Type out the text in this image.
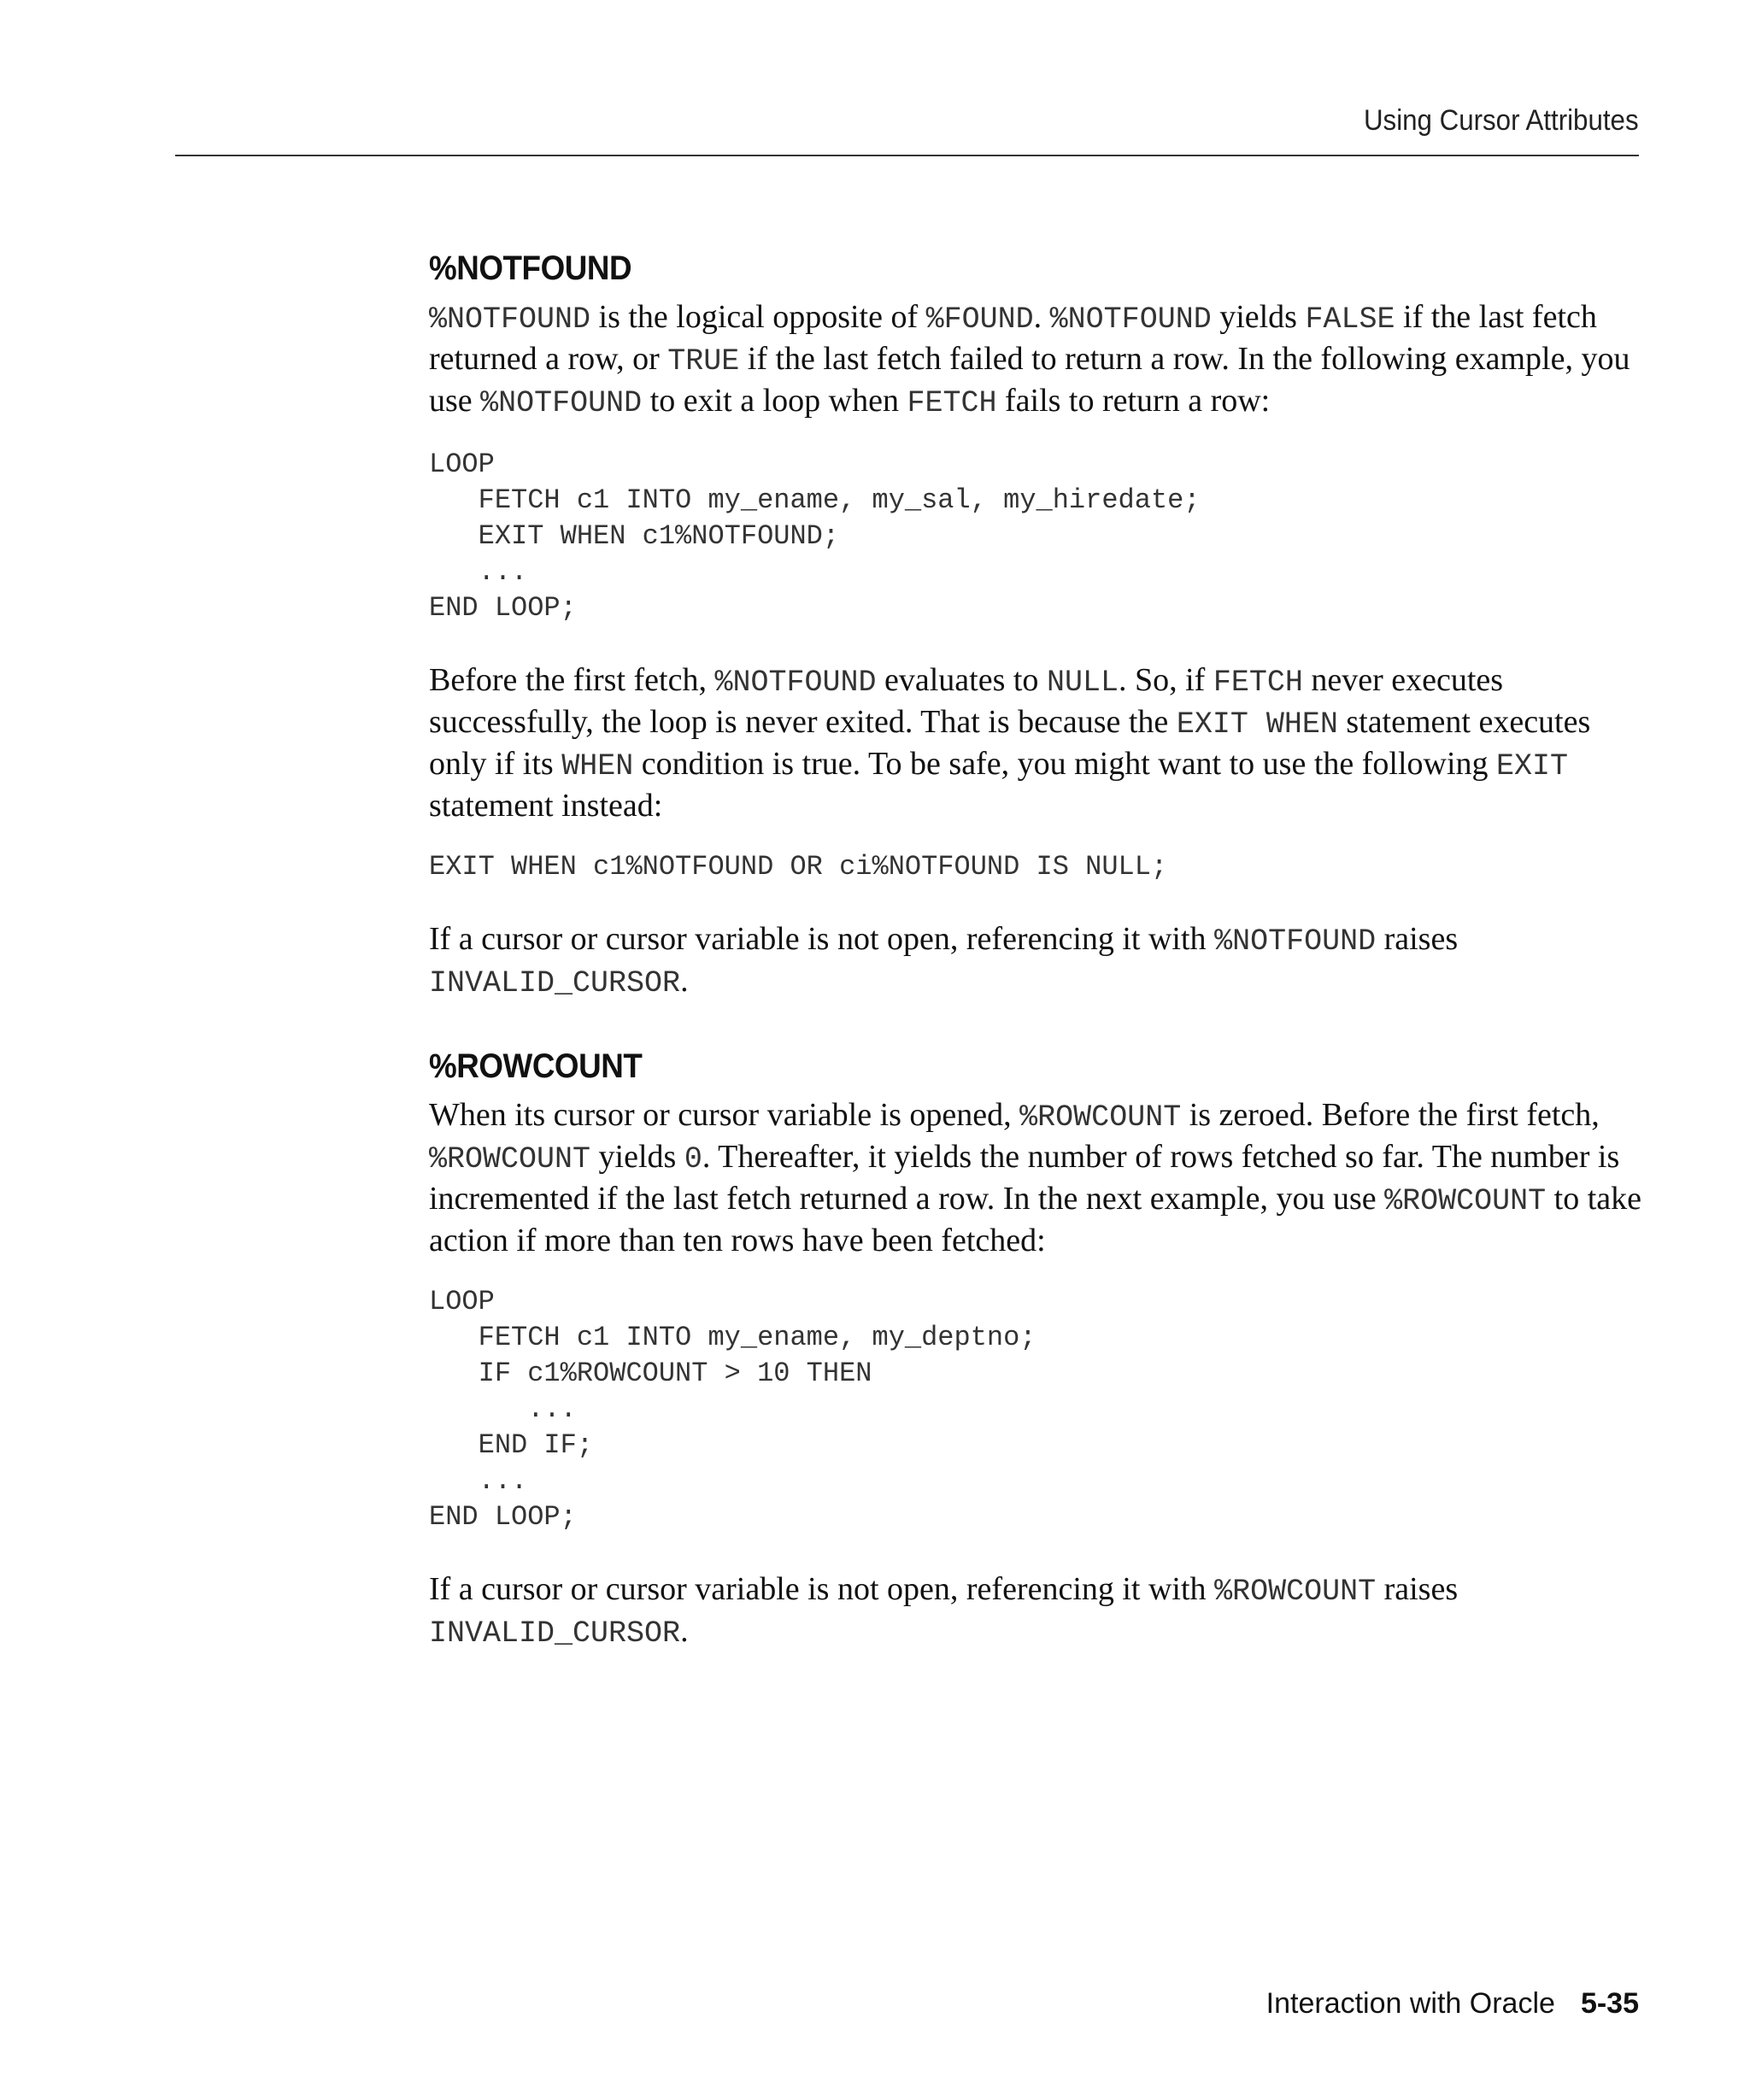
Using Cursor Attributes
%NOTFOUND

%NOTFOUND is the logical opposite of %FOUND. %NOTFOUND yields FALSE if the last fetch returned a row, or TRUE if the last fetch failed to return a row. In the following example, you use %NOTFOUND to exit a loop when FETCH fails to return a row:

LOOP
FETCH c1 INTO my_ename, my_sal, my_hiredate;
EXIT WHEN c1%NOTFOUND;
...
END LOOP;

Before the first fetch, %NOTFOUND evaluates to NULL. So, if FETCH never executes successfully, the loop is never exited. That is because the EXIT WHEN statement executes only if its WHEN condition is true. To be safe, you might want to use the following EXIT statement instead:

EXIT WHEN c1%NOTFOUND OR ci%NOTFOUND IS NULL;

If a cursor or cursor variable is not open, referencing it with %NOTFOUND raises INVALID_CURSOR.

%ROWCOUNT

When its cursor or cursor variable is opened, %ROWCOUNT is zeroed. Before the first fetch, %ROWCOUNT yields 0. Thereafter, it yields the number of rows fetched so far. The number is incremented if the last fetch returned a row. In the next example, you use %ROWCOUNT to take action if more than ten rows have been fetched:

LOOP
FETCH c1 INTO my_ename, my_deptno;
IF c1%ROWCOUNT > 10 THEN
...
END IF;
...
END LOOP;

If a cursor or cursor variable is not open, referencing it with %ROWCOUNT raises INVALID_CURSOR.

Interaction with Oracle 5-35
